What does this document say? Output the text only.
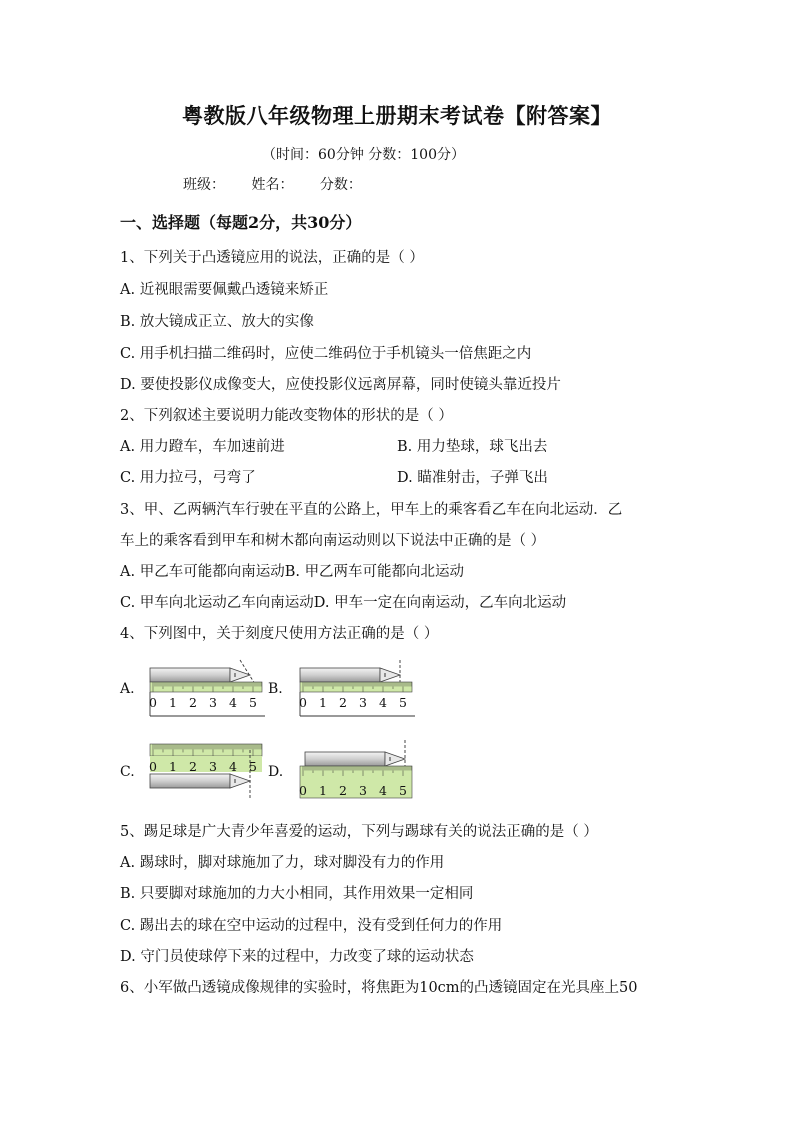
粤教版八年级物理上册期末考试卷【附答案】
（时间：60分钟 分数：100分）
班级： 姓名： 分数：
一、选择题（每题2分，共30分）
1、下列关于凸透镜应用的说法，正确的是（ ）
A. 近视眼需要佩戴凸透镜来矫正
B. 放大镜成正立、放大的实像
C. 用手机扫描二维码时，应使二维码位于手机镜头一倍焦距之内
D. 要使投影仪成像变大，应使投影仪远离屏幕，同时使镜头靠近投片
2、下列叙述主要说明力能改变物体的形状的是（ ）
A. 用力蹬车，车加速前进	B. 用力垫球，球飞出去
C. 用力拉弓，弓弯了	D. 瞄准射击，子弹飞出
3、甲、乙两辆汽车行驶在平直的公路上，甲车上的乘客看乙车在向北运动．乙
车上的乘客看到甲车和树木都向南运动则以下说法中正确的是（ ）
A. 甲乙车可能都向南运动B. 甲乙两车可能都向北运动
C. 甲车向北运动乙车向南运动D. 甲车一定在向南运动，乙车向北运动
4、下列图中，关于刻度尺使用方法正确的是（ ）
A.	B.
C.	D.
0 1 2 3 4 5	0 1 2 3 4 5
0 1 2 3 4 5
0 1 2 3 4 5
5、踢足球是广大青少年喜爱的运动，下列与踢球有关的说法正确的是（ ）
A. 踢球时，脚对球施加了力，球对脚没有力的作用
B. 只要脚对球施加的力大小相同，其作用效果一定相同
C. 踢出去的球在空中运动的过程中，没有受到任何力的作用
D. 守门员使球停下来的过程中，力改变了球的运动状态
6、小军做凸透镜成像规律的实验时，将焦距为10cm的凸透镜固定在光具座上50
